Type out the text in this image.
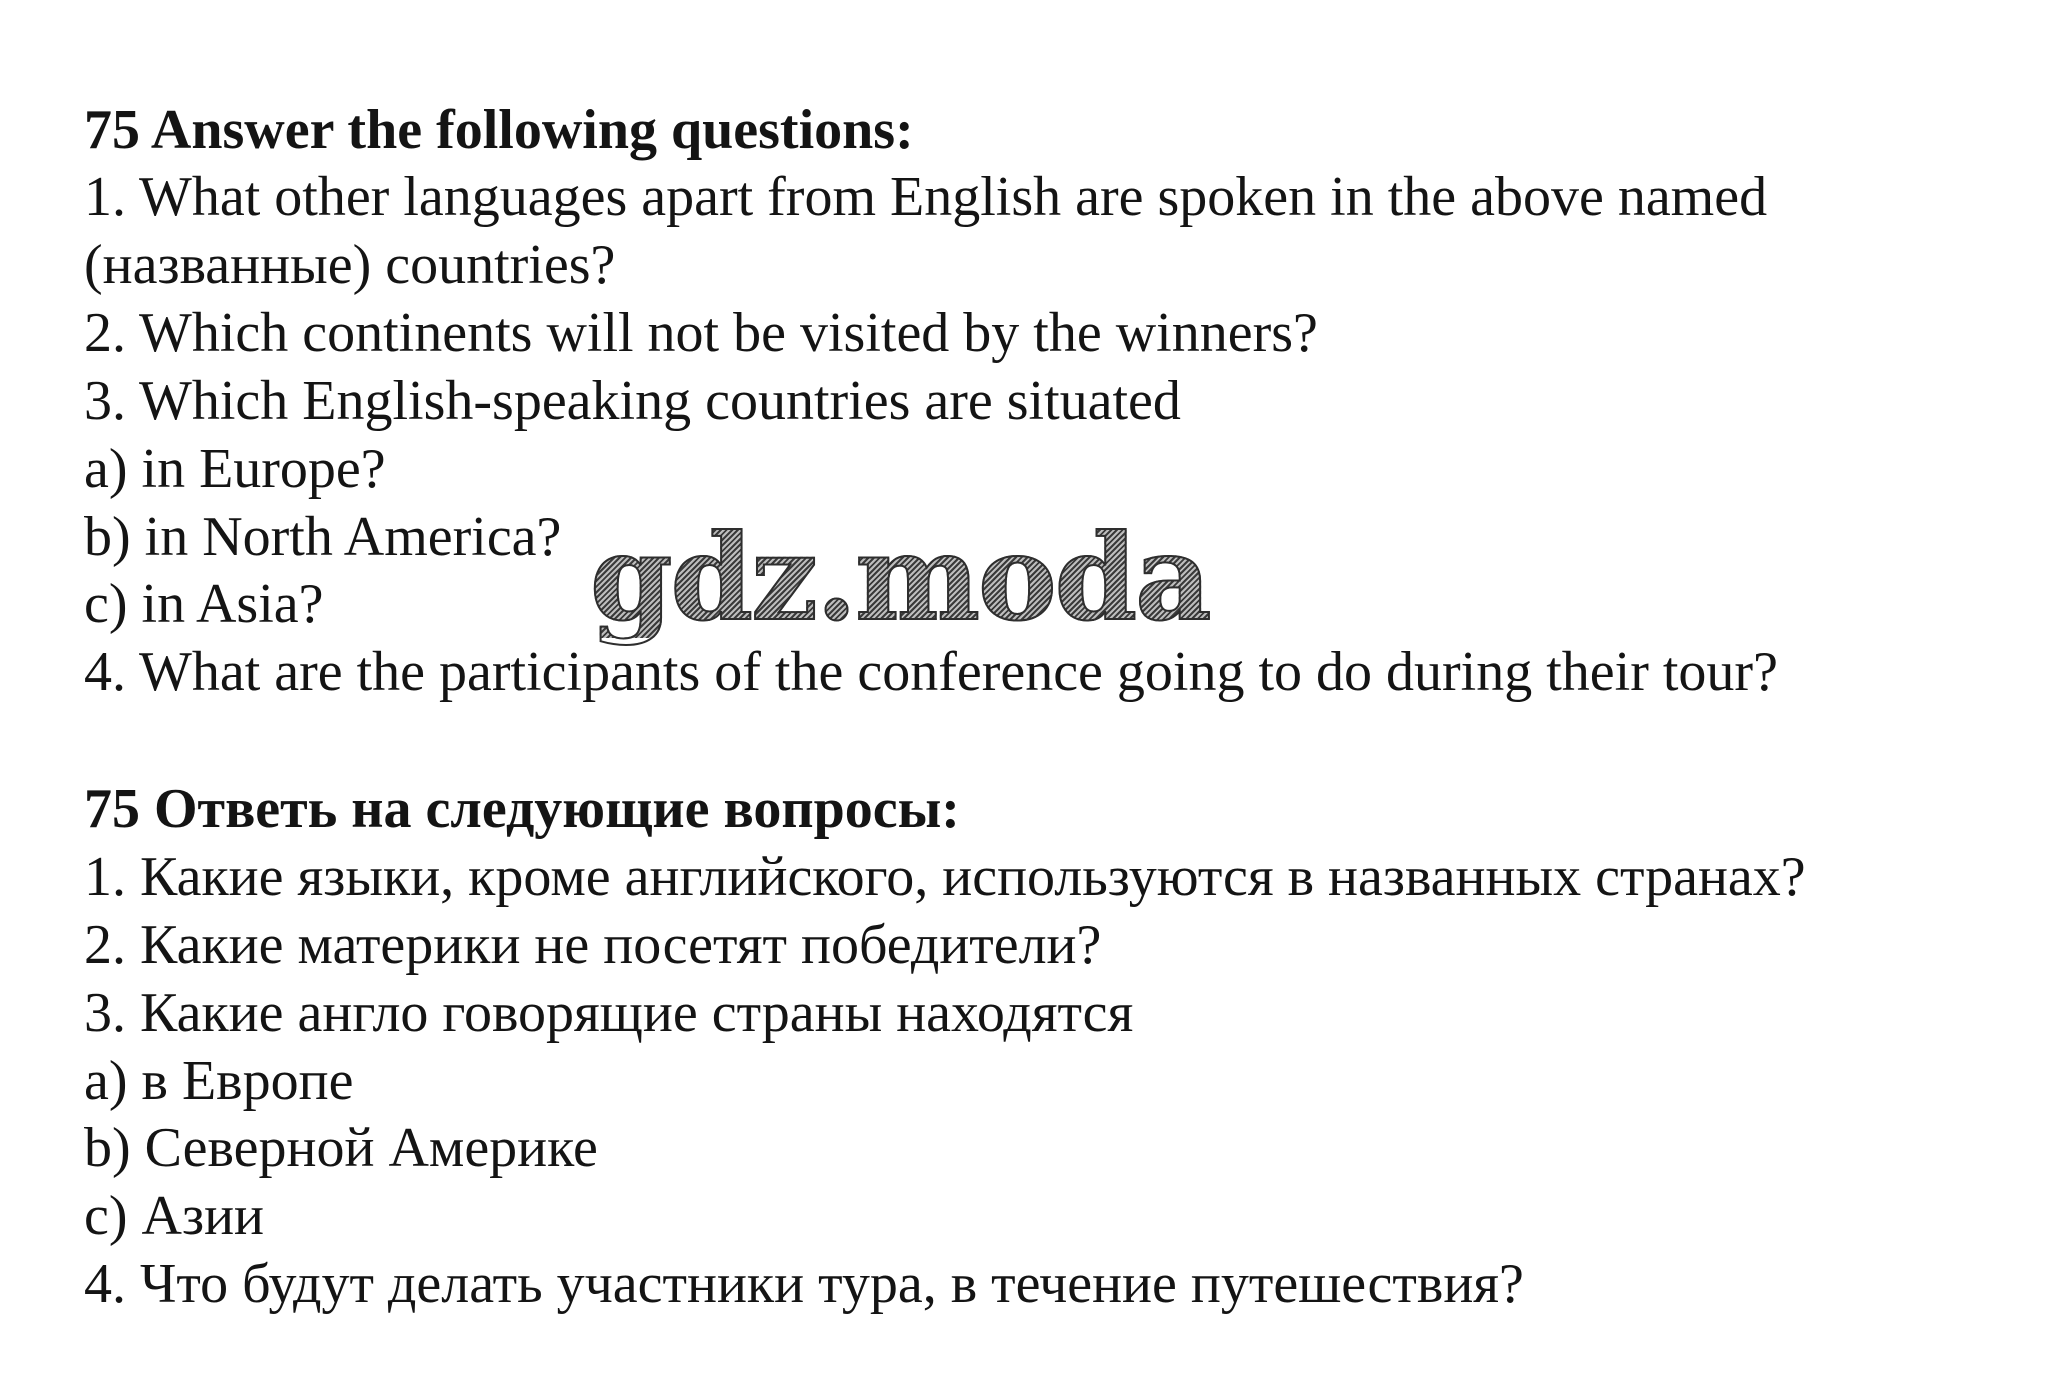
75 Answer the following questions:
1. What other languages apart from English are spoken in the above named
(названные) countries?
2. Which continents will not be visited by the winners?
3. Which English-speaking countries are situated
a) in Europe?
b) in North America?
c) in Asia?
4. What are the participants of the conference going to do during their tour?
75 Ответь на следующие вопросы:
1. Какие языки, кроме английского, используются в названных странах?
2. Какие материки не посетят победители?
3. Какие англо говорящие страны находятся
a) в Европе
b) Северной Америке
c) Азии
4. Что будут делать участники тура, в течение путешествия?
gdz.moda
